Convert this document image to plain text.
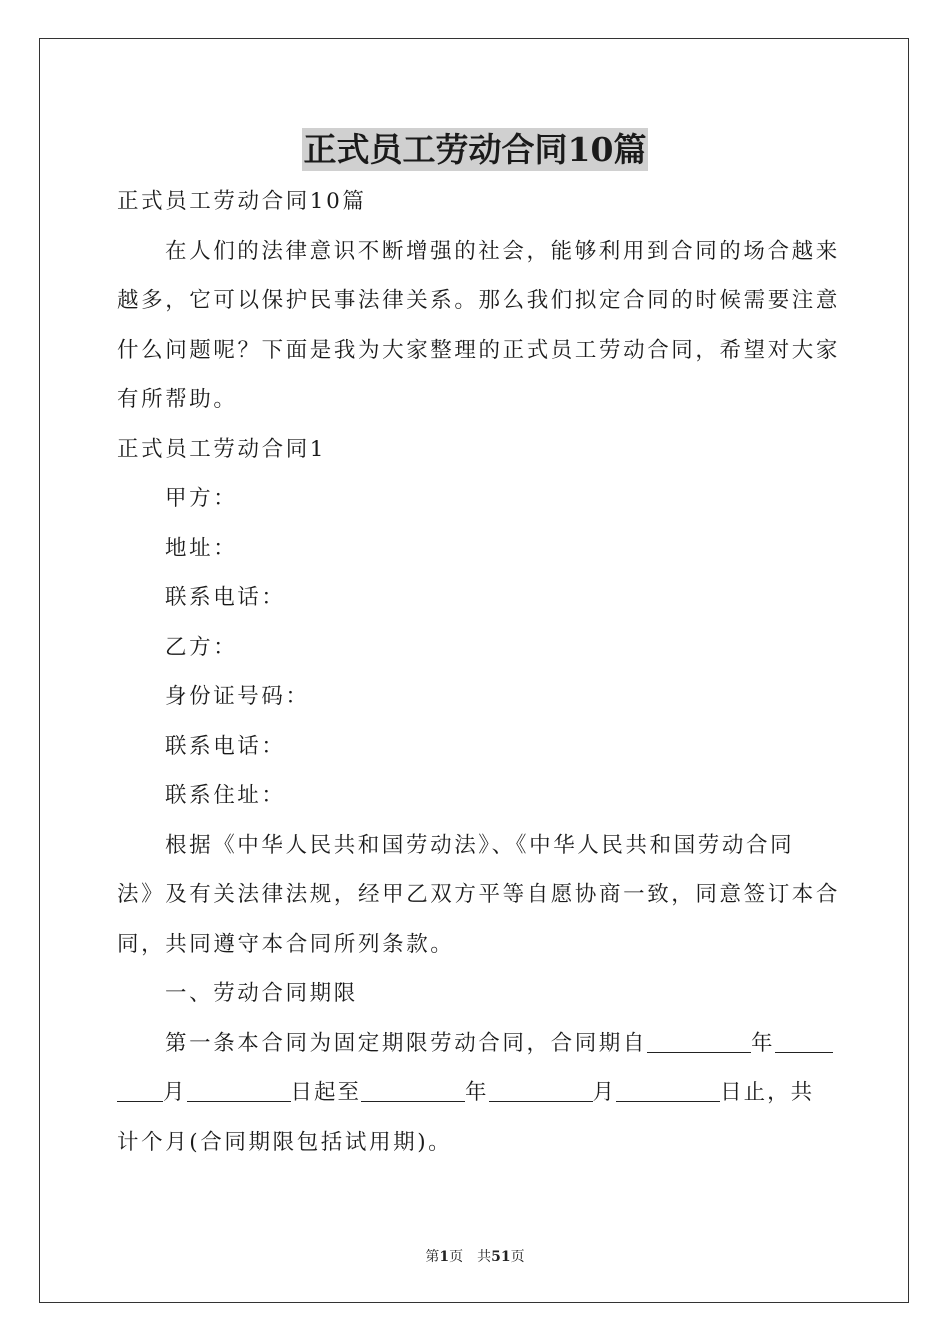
正式员工劳动合同10篇
正式员工劳动合同10篇
在人们的法律意识不断增强的社会，能够利用到合同的场合越来
越多，它可以保护民事法律关系。那么我们拟定合同的时候需要注意
什么问题呢？下面是我为大家整理的正式员工劳动合同，希望对大家
有所帮助。
正式员工劳动合同1
甲方：
地址：
联系电话：
乙方：
身份证号码：
联系电话：
联系住址：
根据《中华人民共和国劳动法》、《中华人民共和国劳动合同
法》及有关法律法规，经甲乙双方平等自愿协商一致，同意签订本合
同，共同遵守本合同所列条款。
一、劳动合同期限
第一条本合同为固定期限劳动合同，合同期自	年
月	日起至	年	月	日止，共
计个月(合同期限包括试用期)。
第1页　共51页
